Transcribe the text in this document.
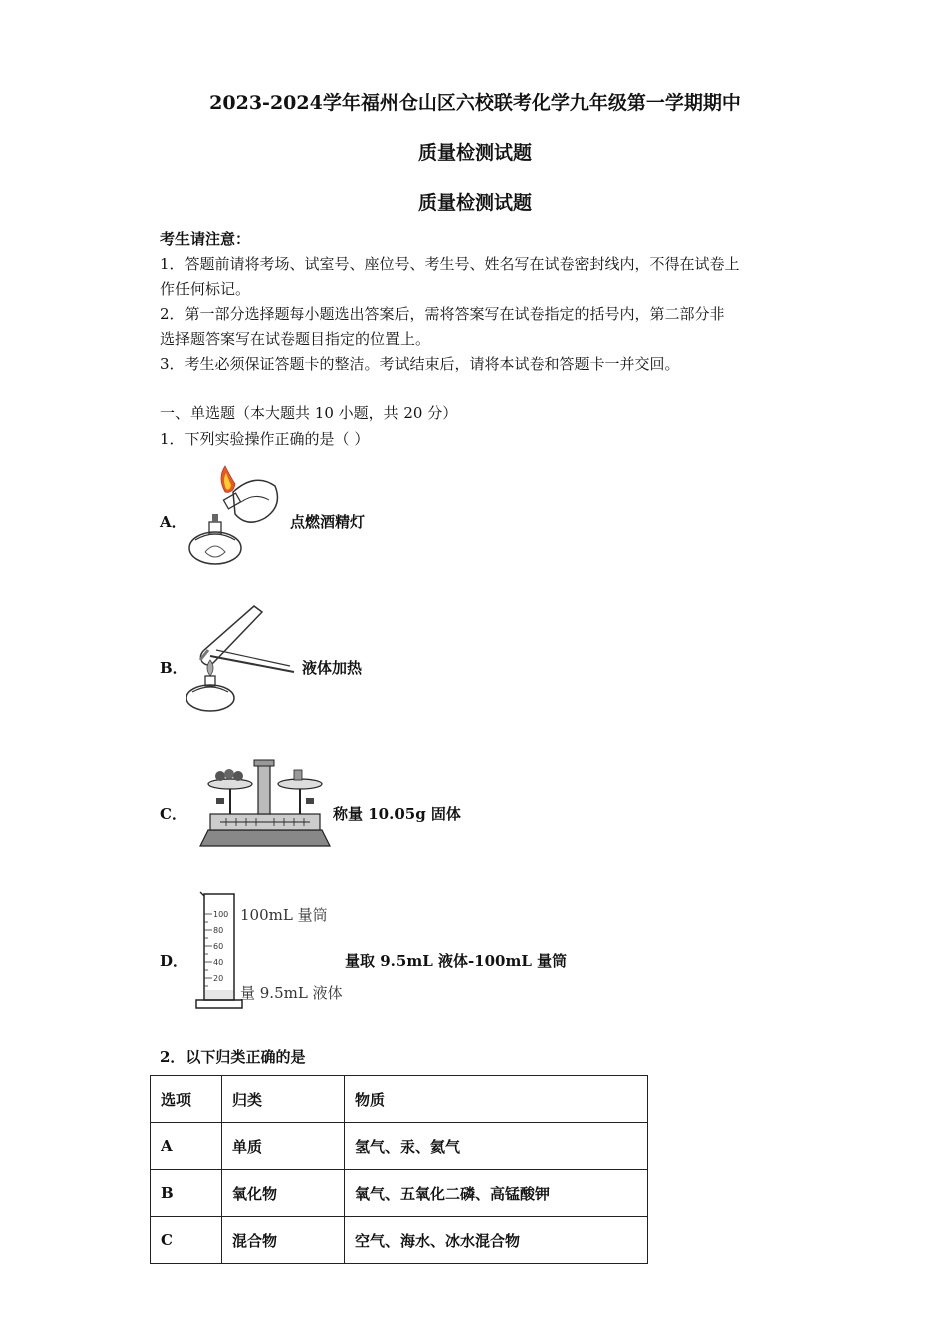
2023-2024学年福州仓山区六校联考化学九年级第一学期期中
质量检测试题
质量检测试题
考生请注意：
1．答题前请将考场、试室号、座位号、考生号、姓名写在试卷密封线内，不得在试卷上
作任何标记。
2．第一部分选择题每小题选出答案后，需将答案写在试卷指定的括号内，第二部分非
选择题答案写在试卷题目指定的位置上。
3．考生必须保证答题卡的整洁。考试结束后，请将本试卷和答题卡一并交回。
一、单选题（本大题共 10 小题，共 20 分）
1．下列实验操作正确的是（ ）
A．	点燃酒精灯
B．	液体加热
C．	称量 10.05g 固体
D．
100
80
60
40
20
100mL 量筒
量 9.5mL 液体
量取 9.5mL 液体-100mL 量筒
2．以下归类正确的是
选项	归类	物质
A	单质	氢气、汞、氦气
B	氧化物	氧气、五氧化二磷、高锰酸钾
C	混合物	空气、海水、冰水混合物
